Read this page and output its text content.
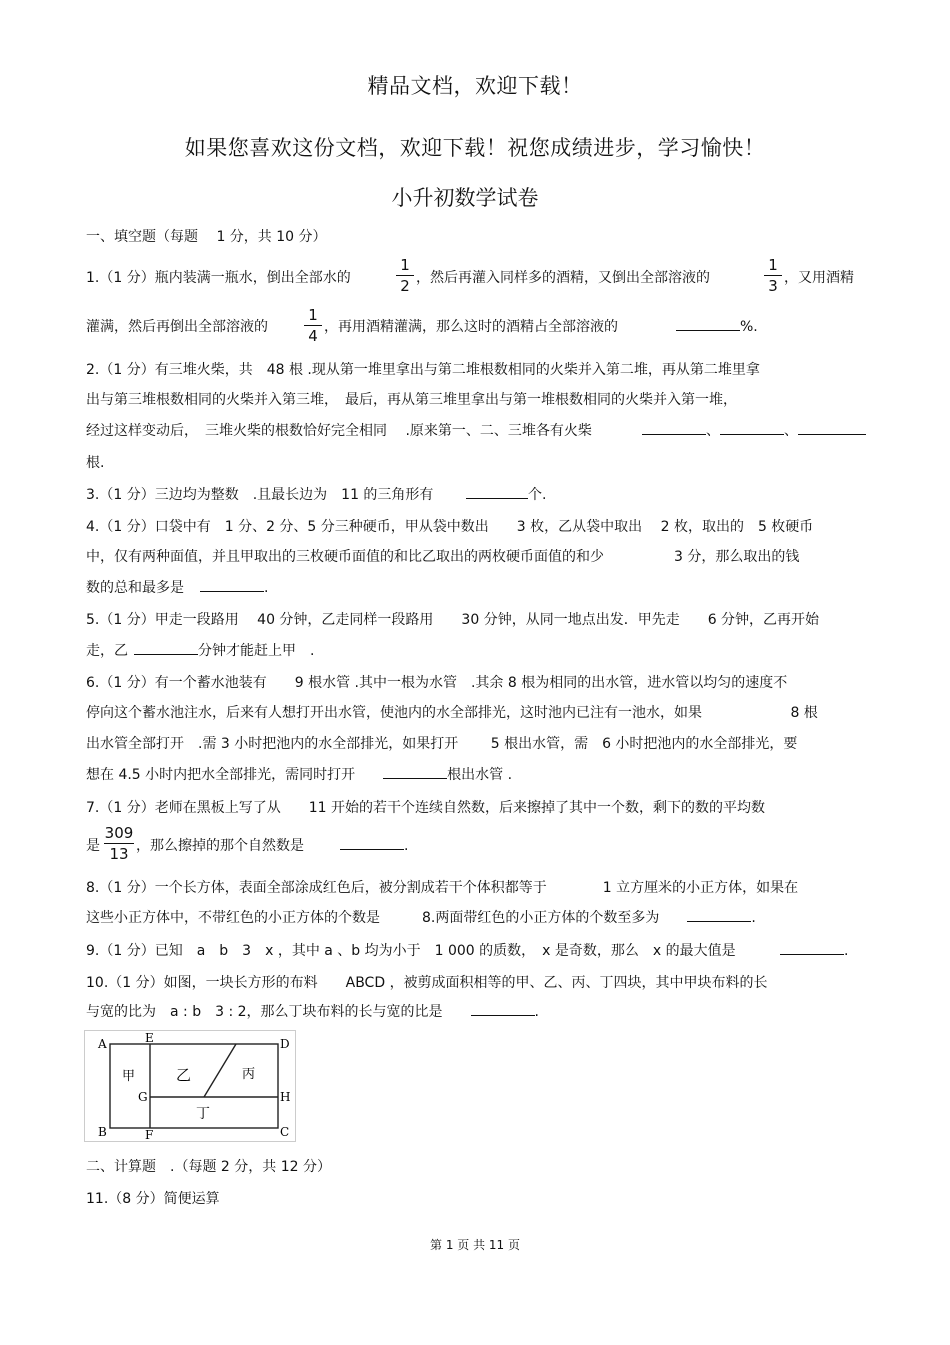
精品文档，欢迎下载！
如果您喜欢这份文档，欢迎下载！祝您成绩进步，学习愉快！
小升初数学试卷
一、填空题（每题　 1 分，共 10 分）
1.（1 分）瓶内装满一瓶水，倒出全部水的
1
2 ，然后再灌入同样多的酒精，又倒出全部溶液的
1
3 ，又用酒精
灌满，然后再倒出全部溶液的
1
4 ，再用酒精灌满，那么这时的酒精占全部溶液的	%.
2.（1 分）有三堆火柴，共　48 根 .现从第一堆里拿出与第二堆根数相同的火柴并入第二堆，再从第二堆里拿
出与第三堆根数相同的火柴并入第三堆，　最后，再从第三堆里拿出与第一堆根数相同的火柴并入第一堆，
经过这样变动后，　三堆火柴的根数恰好完全相同　 .原来第一、二、三堆各有火柴	、	、
根.
3.（1 分）三边均为整数　.且最长边为　11 的三角形有	个.
4.（1 分）口袋中有　1 分、2 分、5 分三种硬币，甲从袋中数出　　3 枚，乙从袋中取出　 2 枚，取出的　5 枚硬币
中，仅有两种面值，并且甲取出的三枚硬币面值的和比乙取出的两枚硬币面值的和少　　　　　3 分，那么取出的钱
数的总和最多是	.
5.（1 分）甲走一段路用　 40 分钟，乙走同样一段路用　　30 分钟，从同一地点出发．甲先走　　6 分钟，乙再开始
走，乙	分钟才能赶上甲　.
6.（1 分）有一个蓄水池装有　　9 根水管 .其中一根为水管　.其余 8 根为相同的出水管，进水管以均匀的速度不
停向这个蓄水池注水，后来有人想打开出水管，使池内的水全部排光，这时池内已注有一池水，如果　　　　　　 8 根
出水管全部打开　.需 3 小时把池内的水全部排光，如果打开　　 5 根出水管，需　6 小时把池内的水全部排光，要
想在 4.5 小时内把水全部排光，需同时打开	根出水管 .
7.（1 分）老师在黑板上写了从　　11 开始的若干个连续自然数，后来擦掉了其中一个数，剩下的数的平均数
是
309
13 ，那么擦掉的那个自然数是	.
8.（1 分）一个长方体，表面全部涂成红色后，被分割成若干个体积都等于　　　　1 立方厘米的小正方体，如果在
这些小正方体中，不带红色的小正方体的个数是　　　8.两面带红色的小正方体的个数至多为	.
9.（1 分）已知　a　b　3　x ，其中 a 、b 均为小于　1 000 的质数，　x 是奇数，那么　x 的最大值是	.
10.（1 分）如图，一块长方形的布料　　ABCD ，被剪成面积相等的甲、乙、丙、丁四块，其中甲块布料的长
与宽的比为　a : b　3 : 2，那么丁块布料的长与宽的比是	.
A	E	D
B	F	C
G	H
甲	乙	丙
丁
二、计算题　.（每题 2 分，共 12 分）
11.（8 分）简便运算
第 1 页 共 11 页
